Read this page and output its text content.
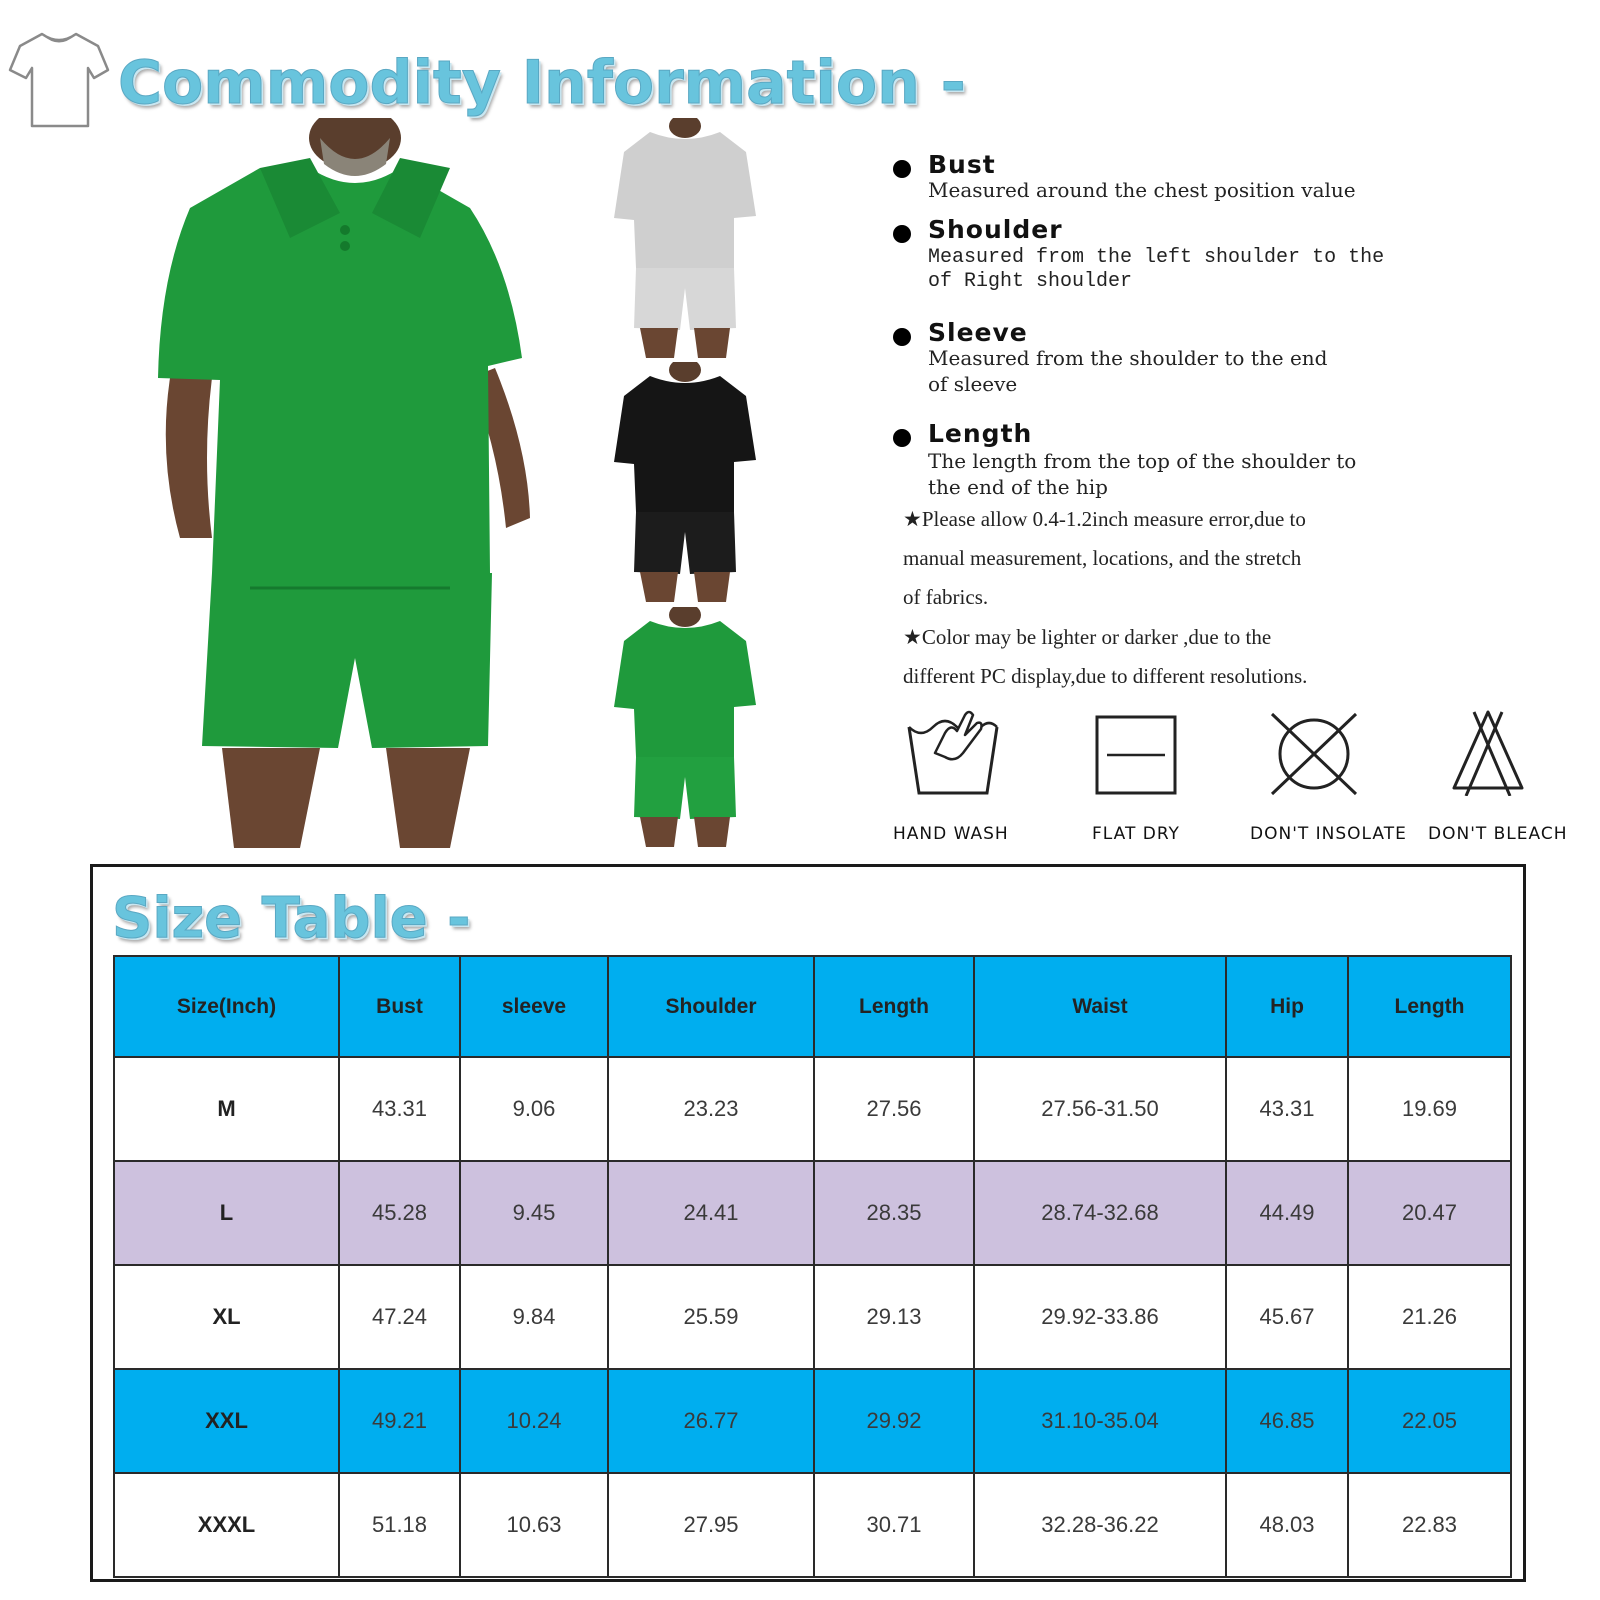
Commodity Information -
Bust
Measured around the chest position value
Shoulder
Measured from the left shoulder to the
of Right shoulder
Sleeve
Measured from the shoulder to the end
of sleeve
Length
The length from the top of the shoulder to
the end of the hip
★Please allow 0.4-1.2inch measure error,due to
manual measurement, locations, and the stretch
of fabrics.
★Color may be lighter or darker ,due to the
different PC display,due to different resolutions.
HAND WASH	FLAT DRY	DON'T INSOLATE DON'T BLEACH
Size Table -
Size(Inch)	Bust	sleeve	Shoulder	Length	Waist	Hip	Length
M	43.31	9.06	23.23	27.56	27.56-31.50	43.31	19.69
L	45.28	9.45	24.41	28.35	28.74-32.68	44.49	20.47
XL	47.24	9.84	25.59	29.13	29.92-33.86	45.67	21.26
XXL	49.21	10.24	26.77	29.92	31.10-35.04	46.85	22.05
XXXL	51.18	10.63	27.95	30.71	32.28-36.22	48.03	22.83
